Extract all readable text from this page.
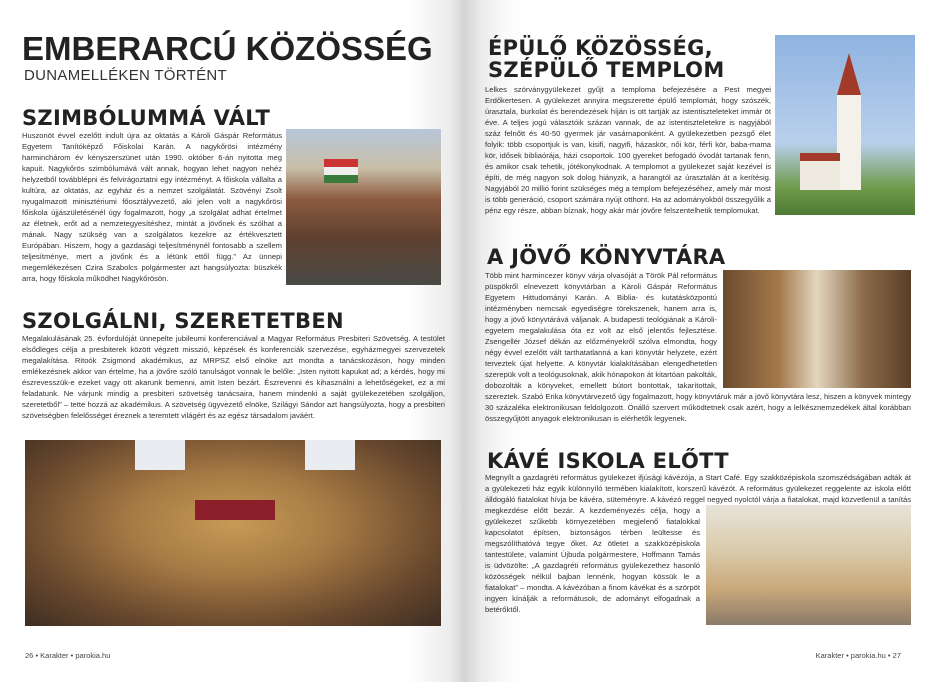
EMBERARCÚ KÖZÖSSÉG
DUNAMELLÉKEN TÖRTÉNT
SZIMBÓLUMMÁ VÁLT
Huszonöt évvel ezelőtt indult újra az oktatás a Károli Gáspár Református Egyetem Tanítóképző Főiskolai Karán. A nagykőrösi intézmény harminchárom év kényszerszünet után 1990. október 6-án nyitotta meg kapuit. Nagykőrös szimbólumává vált annak, hogyan lehet nagyon nehéz helyzetből továbblépni és felvirágoztatni egy intézményt. A főiskola vállalta a kultúra, az oktatás, az egyház és a nemzet szolgálatát. Szövényi Zsolt nyugalmazott minisztériumi főosztályvezető, aki jelen volt a nagykőrösi főiskola újjászületésénél úgy fogalmazott, hogy „a szolgálat adhat értelmet az életnek, erőt ad a nemzetegyesítéshez, mintát a jövőnek és szólhat a mának. Nagy szükség van a szolgálatos kezekre az értékvesztett Európában. Hiszem, hogy a gazdasági teljesítménynél fontosabb a szellem teljesítménye, mert a jövőnk és a létünk ettől függ.” Az ünnepi megemlékezésen Czira Szabolcs polgármester azt hangsúlyozta: büszkék arra, hogy főiskola működhet Nagykőrösön.
SZOLGÁLNI, SZERETETBEN
Megalakulásának 25. évfordulóját ünnepelte jubileumi konferenciával a Magyar Református Presbiteri Szövetség. A testület elsődleges célja a presbiterek között végzett misszió, képzések és konferenciák szervezése, egyházmegyei szervezetek megalakítása. Ritoók Zsigmond akadémikus, az MRPSZ első elnöke azt mondta a tanácskozáson, hogy minden emlékezésnek akkor van értelme, ha a jövőre szóló tanulságot vonnak le belőle: „Isten nyitott kapukat ad; a kérdés, hogy mi észrevesszük-e ezeket vagy ott akarunk bemenni, amit Isten bezárt. Észrevenni és kihasználni a lehetőségeket, ez a mi feladatunk. Ne várjunk mindig a presbiteri szövetség tanácsaira, hanem mindenki a saját gyülekezetében szolgáljon, szeretetből” – tette hozzá az akadémikus. A szövetség ügyvezető elnöke, Szilágyi Sándor azt hangsúlyozta, hogy a presbiteri szövetségben felelősséget éreznek a teremtett világért és az egész társadalom javáért.
26 • Karakter • parokia.hu
ÉPÜLŐ KÖZÖSSÉG,
SZÉPÜLŐ TEMPLOM
Lelkes szórványgyülekezet gyűjt a temploma befejezésére a Pest megyei Erdőkertesen. A gyülekezet annyira megszerette épülő templomát, hogy szószék, úrasztala, burkolat és berendezések híján is ott tartják az istentiszteleteket immár öt éve. A teljes jogú választóik százan vannak, de az istentiszteletekre is nagyjából száz felnőtt és 40-50 gyermek jár vasárnaponként. A gyülekezetben pezsgő élet folyik: több csoportjuk is van, kisifi, nagyifi, házaskör, női kör, férfi kör, baba-mama kör, idősek bibliaórája, házi csoportok. 100 gyereket befogadó óvodát tartanak fenn, és amikor csak tehetik, jótékonykodnak. A templomot a gyülekezet saját kezével is építi, de még nagyon sok dolog hiányzik, a harangtól az úrasztalán át a kerítésig. Nagyjából 20 millió forint szükséges még a templom befejezéséhez, amely már most is több generáció, csoport számára nyújt otthont. Ha az adományokból összegyűlik a pénz egy része, abban bíznak, hogy akár már jövőre felszentelhetik templomukat.
A JÖVŐ KÖNYVTÁRA
Több mint harmincezer könyv várja olvasóját a Török Pál református püspökről elnevezett könyvtárban a Károli Gáspár Református Egyetem Hittudományi Karán. A Biblia- és kutatásközpontú intézményben nemcsak egyediségre törekszenek, hanem arra is, hogy a jövő könyvtárává váljanak. A budapesti teológiának a Károli-egyetem megalakulása óta ez volt az első jelentős fejlesztése. Zsengellér József dékán az előzményekről szólva elmondta, hogy négy évvel ezelőtt vált tarthatatlanná a kari könyvtár helyzete, ezért terveztek újat helyette. A könyvtár kialakításában elengedhetetlen szerepük volt a teológusoknak, akik hónapokon át kitartóan pakolták, dobozolták a könyveket, emellett bútort bontottak, takarítottak, szereztek. Szabó Erika könyvtárvezető úgy fogalmazott, hogy könyvtáruk már a jövő könyvtára lesz, hiszen a könyvek mintegy 30 százaléka elektronikusan feldolgozott. Önálló szervert működtetnek csak azért, hogy a lelkésznemzedékek által korábban összegyűjtött anyagok elektronikusan is elérhetők legyenek.
KÁVÉ ISKOLA ELŐTT
Megnyílt a gazdagréti református gyülekezet ifjúsági kávézója, a Start Café. Egy szakközépiskola szomszédságában adták át a gyülekezeti ház egyik különnyíló termében kialakított, korszerű kávézót. A református gyülekezet reggelente az iskola előtt álldogáló fiatalokat hívja be kávéra, süteményre. A kávézó reggel negyed nyolctól várja a fiatalokat, majd közvetlenül a tanítás megkezdése előtt bezár. A kezdeményezés célja, hogy a gyülekezet szűkebb környezetében megjelenő fiatalokkal kapcsolatot építsen, biztonságos térben leültesse és megszólíthatóvá tegye őket. Az ötletet a szakközépiskola tantestülete, valamint Újbuda polgármestere, Hoffmann Tamás is üdvözölte: „A gazdagréti református gyülekezethez hasonló közösségek nélkül bajban lennénk, hogyan kössük le a fiatalokat” – mondta. A kávézóban a finom kávékat és a szörpöt ingyen kínálják a reformátusok, de adományt elfogadnak a betérőktől.
Karakter • parokia.hu • 27
